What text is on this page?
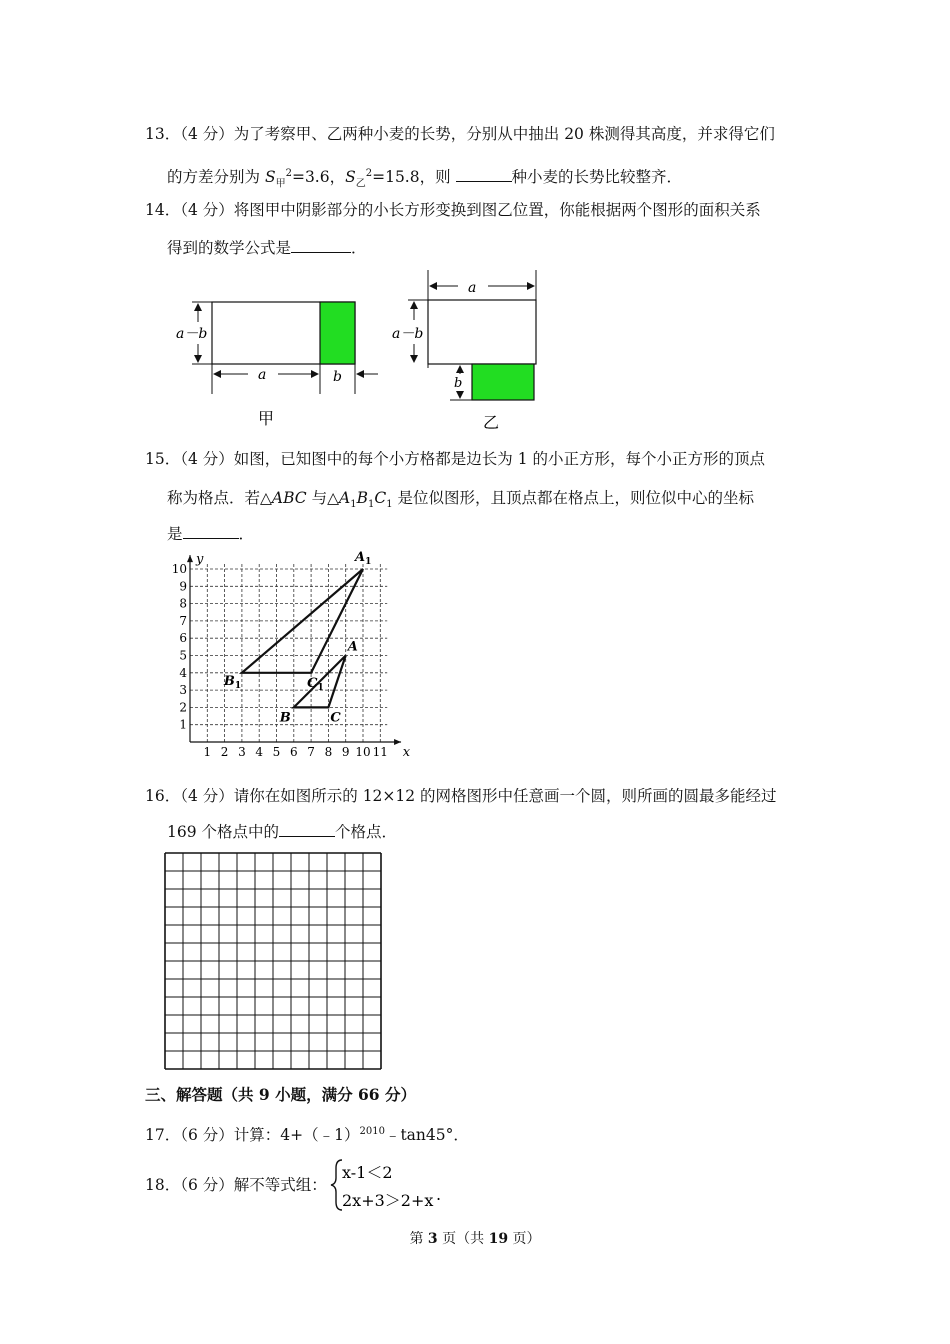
13．（4 分）为了考察甲、乙两种小麦的长势，分别从中抽出 20 株测得其高度，并求得它们
的方差分别为 $S_甲^2=3.6$，$S_乙^2=15.8$，则	种小麦的长势比较整齐．
14．（4 分）将图甲中阴影部分的小长方形变换到图乙位置，你能根据两个图形的面积关系
得到的数学公式是	．
a－b
a	b
甲
a
a－b
b
乙
15．（4 分）如图，已知图中的每个小方格都是边长为 1 的小正方形，每个小正方形的顶点
称为格点．若△ABC 与$\triangle A_1B_1C_1$ 是位似图形，且顶点都在格点上，则位似中心的坐标
是	．
x
y
1 2 3 4 5 6 7 8 9 10 11
1
2
3
4
5
6
7
8
9
10
$A_1$
$B_1$	$C_1$
A
B	C
16．（4 分）请你在如图所示的 12×12 的网格图形中任意画一个圆，则所画的圆最多能经过
169 个格点中的	个格点．
三、解答题（共 9 小题，满分 66 分）
17．（6 分）计算：4+（﹣1）$^{2010}$﹣tan45°．
18．（6 分）解不等式组：
x-1＜2
2x+3＞2+x .
第 3 页（共 19 页）
